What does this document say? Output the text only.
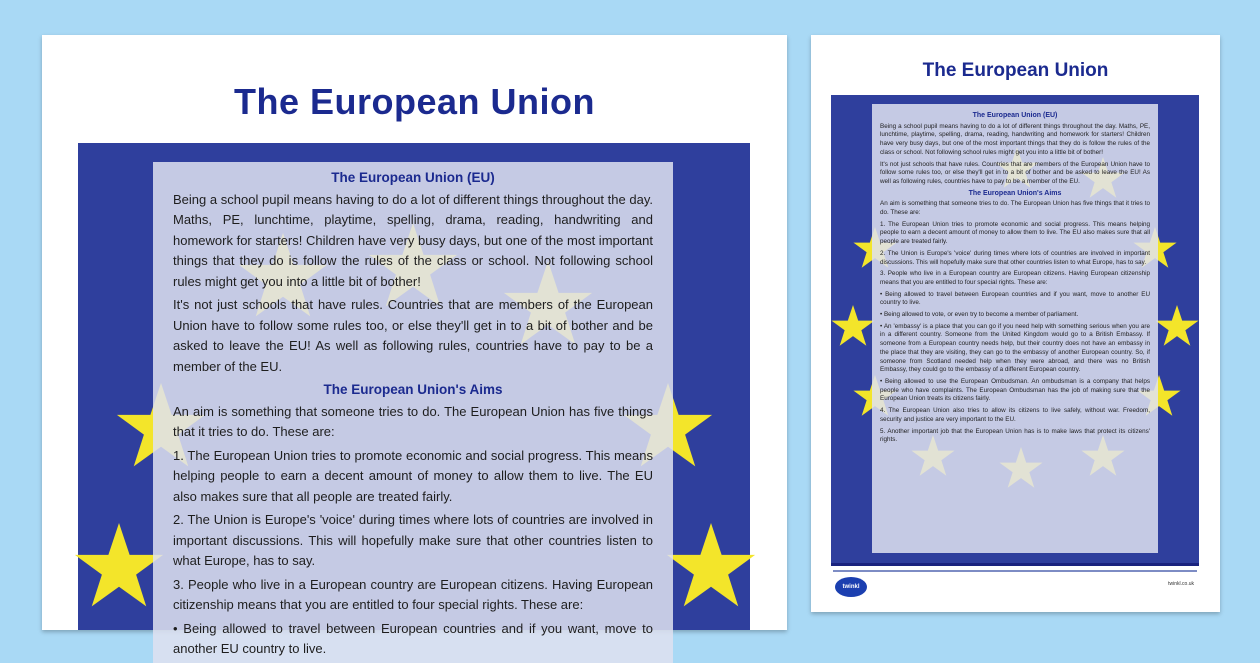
The European Union
The European Union (EU)

Being a school pupil means having to do a lot of different things throughout the day. Maths, PE, lunchtime, playtime, spelling, drama, reading, handwriting and homework for starters! Children have very busy days, but one of the most important things that they do is follow the rules of the class or school. Not following school rules might get you into a little bit of bother!

It's not just schools that have rules. Countries that are members of the European Union have to follow some rules too, or else they'll get in to a bit of bother and be asked to leave the EU! As well as following rules, countries have to pay to be a member of the EU.

The European Union's Aims

An aim is something that someone tries to do. The European Union has five things that it tries to do. These are:

1. The European Union tries to promote economic and social progress. This means helping people to earn a decent amount of money to allow them to live. The EU also makes sure that all people are treated fairly.

2. The Union is Europe's 'voice' during times where lots of countries are involved in important discussions. This will hopefully make sure that other countries listen to what Europe, has to say.

3. People who live in a European country are European citizens. Having European citizenship means that you are entitled to four special rights. These are:

• Being allowed to travel between European countries and if you want, move to another EU country to live.

The European Union
The European Union (EU)

Being a school pupil means having to do a lot of different things throughout the day. Maths, PE, lunchtime, playtime, spelling, drama, reading, handwriting and homework for starters! Children have very busy days, but one of the most important things that they do is follow the rules of the class or school. Not following school rules might get you into a little bit of bother!

It's not just schools that have rules. Countries that are members of the European Union have to follow some rules too, or else they'll get in to a bit of bother and be asked to leave the EU! As well as following rules, countries have to pay to be a member of the EU.

The European Union's Aims

An aim is something that someone tries to do. The European Union has five things that it tries to do. These are:

1. The European Union tries to promote economic and social progress. This means helping people to earn a decent amount of money to allow them to live. The EU also makes sure that all people are treated fairly.

2. The Union is Europe's 'voice' during times where lots of countries are involved in important discussions. This will hopefully make sure that other countries listen to what Europe, has to say.

3. People who live in a European country are European citizens. Having European citizenship means that you are entitled to four special rights. These are:

• Being allowed to travel between European countries and if you want, move to another EU country to live.

• Being allowed to vote, or even try to become a member of parliament.

• An 'embassy' is a place that you can go if you need help with something serious when you are in a different country. Someone from the United Kingdom would go to a British Embassy. If someone from a European country needs help, but their country does not have an embassy in the place that they are visiting, they can go to the embassy of another European country. So, if someone from Scotland needed help when they were abroad, and there was no British Embassy, they could go to the embassy of a different European country.

• Being allowed to use the European Ombudsman. An ombudsman is a company that helps people who have complaints. The European Ombudsman has the job of making sure that the European Union treats its citizens fairly.

4. The European Union also tries to allow its citizens to live safely, without war. Freedom, security and justice are very important to the EU.

5. Another important job that the European Union has is to make laws that protect its citizens' rights.

twinkl	twinkl.co.uk
